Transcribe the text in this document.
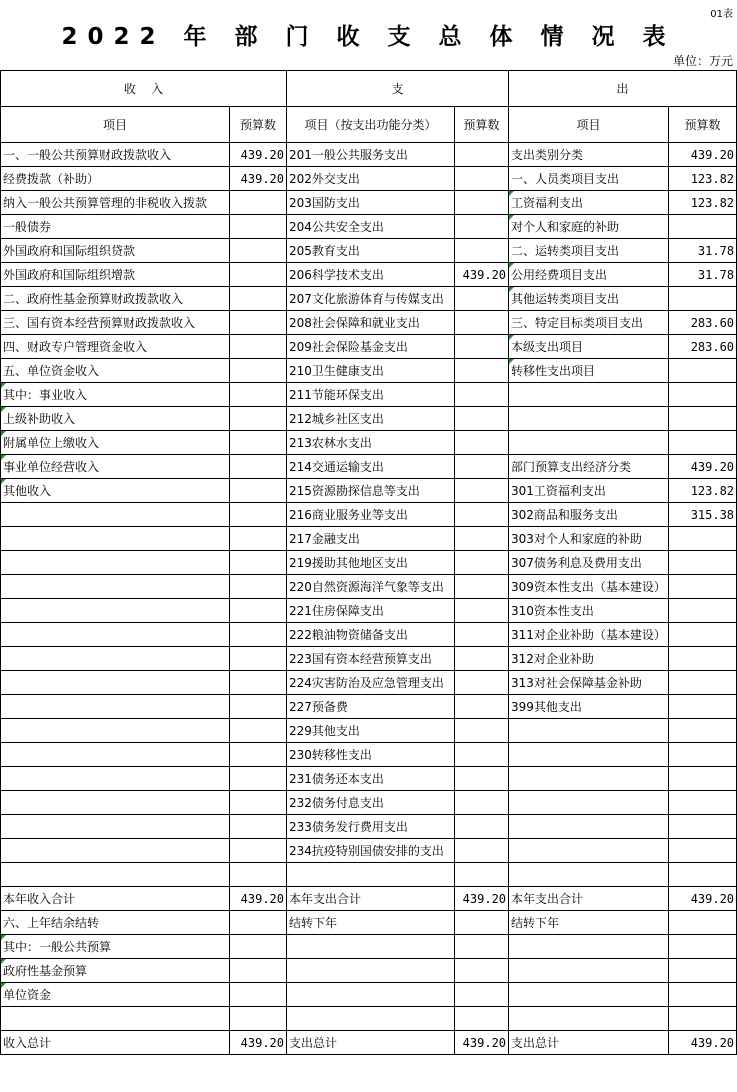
01表
2022 年 部 门 收 支 总 体 情 况 表
单位：万元
收    入		支		出	
项目	预算数	项目（按支出功能分类）	预算数	项目	预算数
一、一般公共预算财政拨款收入	439.20	201一般公共服务支出		支出类别分类	439.20
经费拨款（补助）	439.20	202外交支出		一、人员类项目支出	123.82
纳入一般公共预算管理的非税收入拨款		203国防支出		工资福利支出	123.82
一般债券		204公共安全支出		对个人和家庭的补助	
外国政府和国际组织贷款		205教育支出		二、运转类项目支出	31.78
外国政府和国际组织增款		206科学技术支出	439.20	公用经费项目支出	31.78
二、政府性基金预算财政拨款收入		207文化旅游体育与传媒支出		其他运转类项目支出	
三、国有资本经营预算财政拨款收入		208社会保障和就业支出		三、特定目标类项目支出	283.60
四、财政专户管理资金收入		209社会保险基金支出		本级支出项目	283.60
五、单位资金收入		210卫生健康支出		转移性支出项目	
其中：事业收入		211节能环保支出			
上级补助收入		212城乡社区支出			
附属单位上缴收入		213农林水支出			
事业单位经营收入		214交通运输支出		部门预算支出经济分类	439.20
其他收入		215资源勘探信息等支出		301工资福利支出	123.82
		216商业服务业等支出		302商品和服务支出	315.38
		217金融支出		303对个人和家庭的补助	
		219援助其他地区支出		307债务利息及费用支出	
		220自然资源海洋气象等支出		309资本性支出（基本建设）	
		221住房保障支出		310资本性支出	
		222粮油物资储备支出		311对企业补助（基本建设）	
		223国有资本经营预算支出		312对企业补助	
		224灾害防治及应急管理支出		313对社会保障基金补助	
		227预备费		399其他支出	
		229其他支出			
		230转移性支出			
		231债务还本支出			
		232债务付息支出			
		233债务发行费用支出			
		234抗疫特别国债安排的支出			

本年收入合计	439.20	本年支出合计	439.20	本年支出合计	439.20
六、上年结余结转		结转下年		结转下年	
其中：一般公共预算					
政府性基金预算					
单位资金					

收入总计	439.20	支出总计	439.20	支出总计	439.20
